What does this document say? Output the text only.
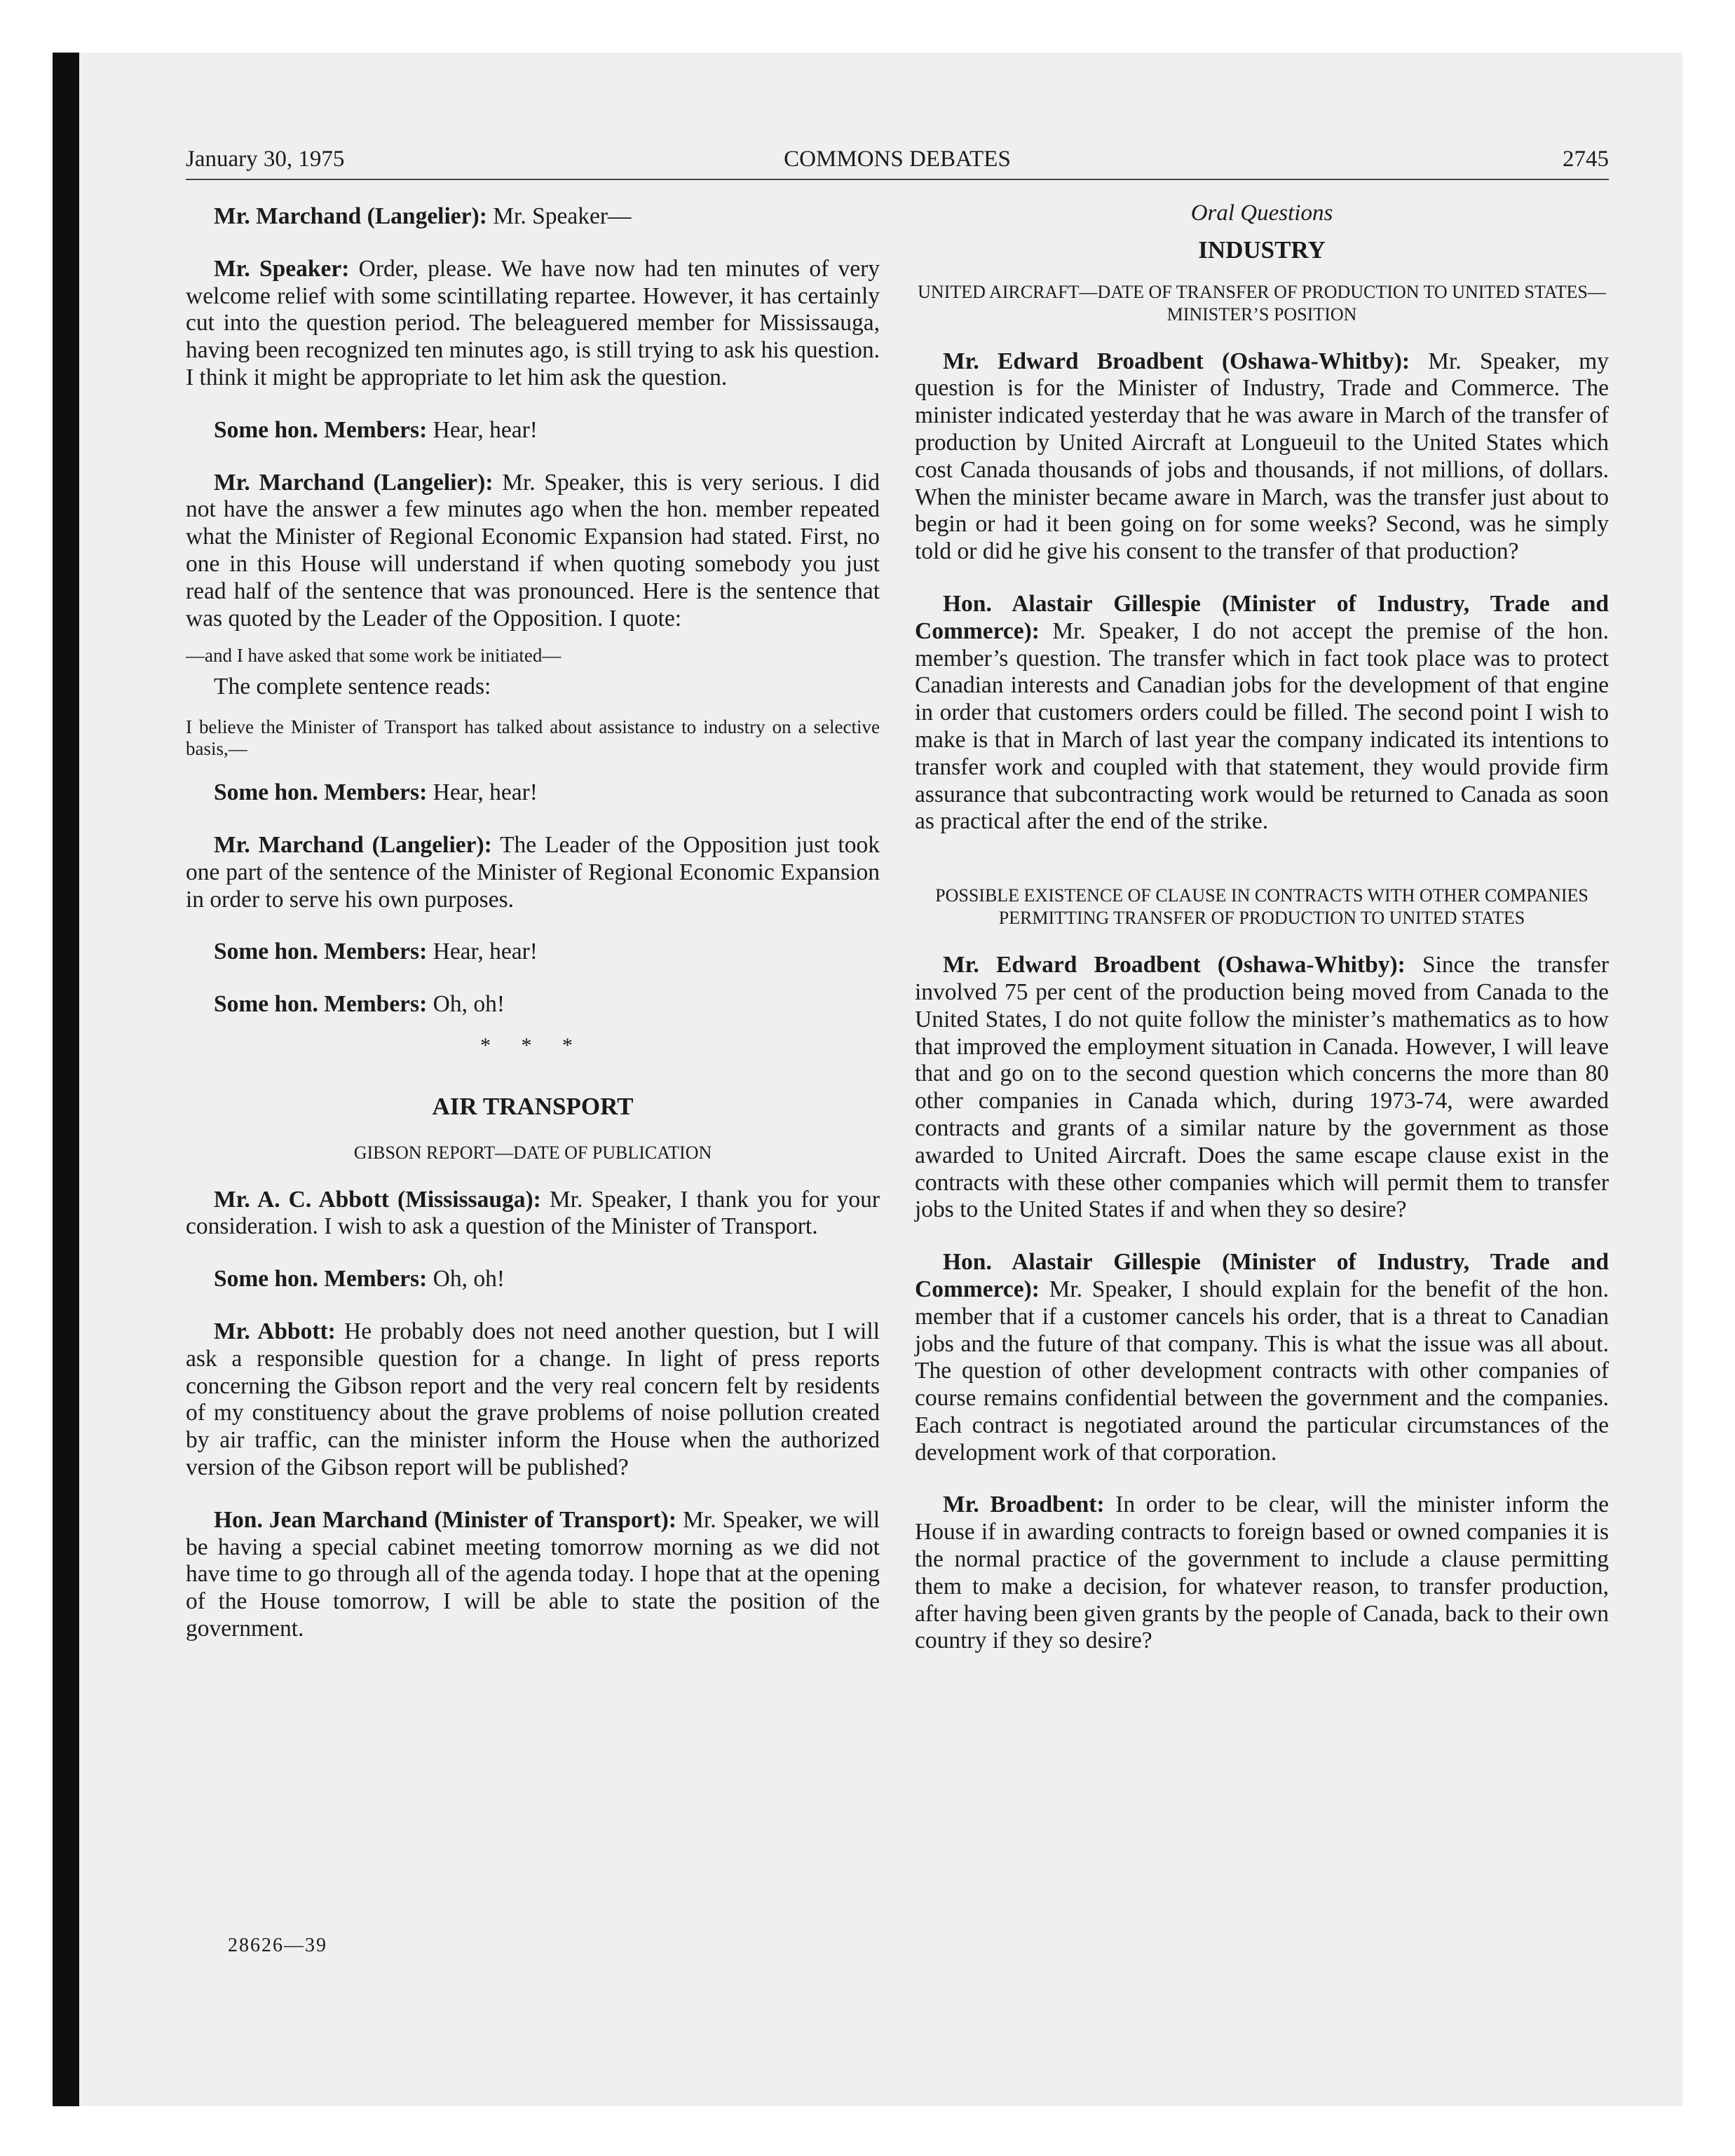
January 30, 1975	COMMONS DEBATES	2745

Mr. Marchand (Langelier): Mr. Speaker—

Mr. Speaker: Order, please. We have now had ten minutes of very welcome relief with some scintillating repartee. However, it has certainly cut into the question period. The beleaguered member for Mississauga, having been recognized ten minutes ago, is still trying to ask his question. I think it might be appropriate to let him ask the question.

Some hon. Members: Hear, hear!

Mr. Marchand (Langelier): Mr. Speaker, this is very serious. I did not have the answer a few minutes ago when the hon. member repeated what the Minister of Regional Economic Expansion had stated. First, no one in this House will understand if when quoting somebody you just read half of the sentence that was pronounced. Here is the sentence that was quoted by the Leader of the Opposition. I quote:

—and I have asked that some work be initiated—

The complete sentence reads:

I believe the Minister of Transport has talked about assistance to industry on a selective basis,—

Some hon. Members: Hear, hear!

Mr. Marchand (Langelier): The Leader of the Opposition just took one part of the sentence of the Minister of Regional Economic Expansion in order to serve his own purposes.

Some hon. Members: Hear, hear!

Some hon. Members: Oh, oh!

* * *

AIR TRANSPORT

GIBSON REPORT—DATE OF PUBLICATION

Mr. A. C. Abbott (Mississauga): Mr. Speaker, I thank you for your consideration. I wish to ask a question of the Minister of Transport.

Some hon. Members: Oh, oh!

Mr. Abbott: He probably does not need another question, but I will ask a responsible question for a change. In light of press reports concerning the Gibson report and the very real concern felt by residents of my constituency about the grave problems of noise pollution created by air traffic, can the minister inform the House when the authorized version of the Gibson report will be published?

Hon. Jean Marchand (Minister of Transport): Mr. Speaker, we will be having a special cabinet meeting tomorrow morning as we did not have time to go through all of the agenda today. I hope that at the opening of the House tomorrow, I will be able to state the position of the government.

Oral Questions

INDUSTRY

UNITED AIRCRAFT—DATE OF TRANSFER OF PRODUCTION TO UNITED STATES—MINISTER’S POSITION

Mr. Edward Broadbent (Oshawa-Whitby): Mr. Speaker, my question is for the Minister of Industry, Trade and Commerce. The minister indicated yesterday that he was aware in March of the transfer of production by United Aircraft at Longueuil to the United States which cost Canada thousands of jobs and thousands, if not millions, of dollars. When the minister became aware in March, was the transfer just about to begin or had it been going on for some weeks? Second, was he simply told or did he give his consent to the transfer of that production?

Hon. Alastair Gillespie (Minister of Industry, Trade and Commerce): Mr. Speaker, I do not accept the premise of the hon. member’s question. The transfer which in fact took place was to protect Canadian interests and Canadian jobs for the development of that engine in order that customers orders could be filled. The second point I wish to make is that in March of last year the company indicated its intentions to transfer work and coupled with that statement, they would provide firm assurance that subcontracting work would be returned to Canada as soon as practical after the end of the strike.

POSSIBLE EXISTENCE OF CLAUSE IN CONTRACTS WITH OTHER COMPANIES PERMITTING TRANSFER OF PRODUCTION TO UNITED STATES

Mr. Edward Broadbent (Oshawa-Whitby): Since the transfer involved 75 per cent of the production being moved from Canada to the United States, I do not quite follow the minister’s mathematics as to how that improved the employment situation in Canada. However, I will leave that and go on to the second question which concerns the more than 80 other companies in Canada which, during 1973-74, were awarded contracts and grants of a similar nature by the government as those awarded to United Aircraft. Does the same escape clause exist in the contracts with these other companies which will permit them to transfer jobs to the United States if and when they so desire?

Hon. Alastair Gillespie (Minister of Industry, Trade and Commerce): Mr. Speaker, I should explain for the benefit of the hon. member that if a customer cancels his order, that is a threat to Canadian jobs and the future of that company. This is what the issue was all about. The question of other development contracts with other companies of course remains confidential between the government and the companies. Each contract is negotiated around the particular circumstances of the development work of that corporation.

Mr. Broadbent: In order to be clear, will the minister inform the House if in awarding contracts to foreign based or owned companies it is the normal practice of the government to include a clause permitting them to make a decision, for whatever reason, to transfer production, after having been given grants by the people of Canada, back to their own country if they so desire?

28626—39
